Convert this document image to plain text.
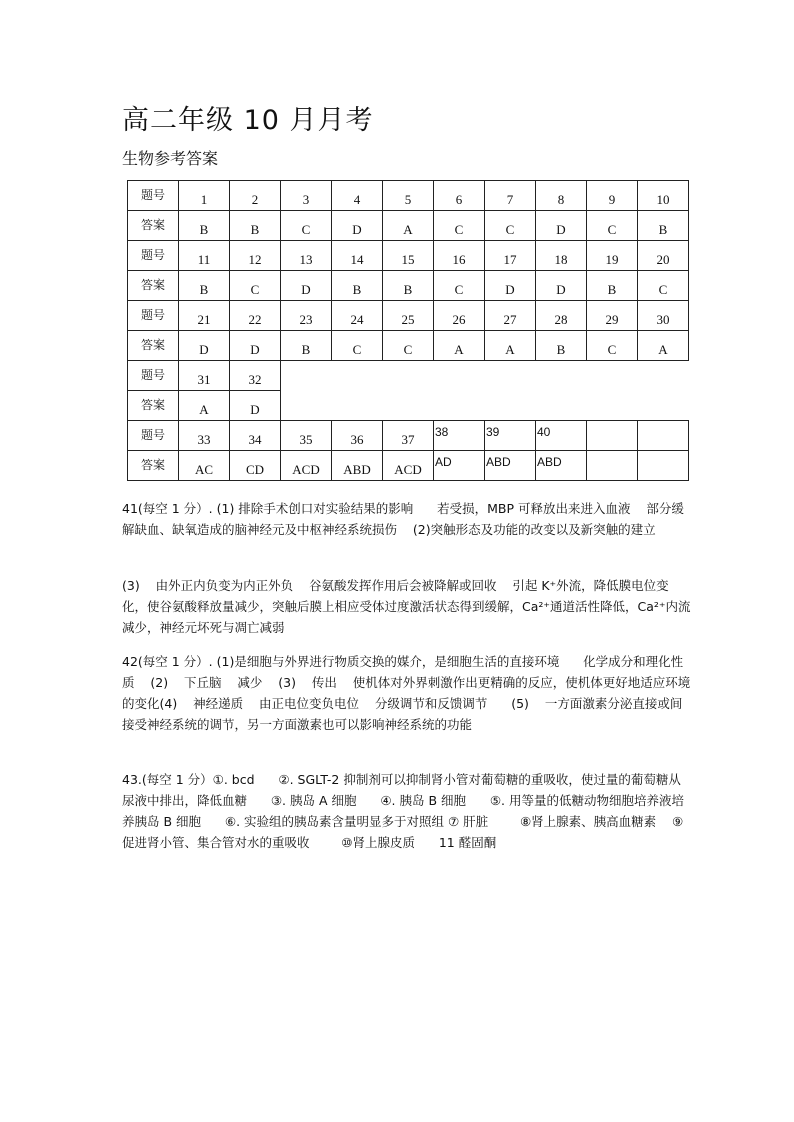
高二年级 10 月月考
生物参考答案
题号	1	2	3	4	5	6	7	8	9	10
答案	B	B	C	D	A	C	C	D	C	B
题号	11	12	13	14	15	16	17	18	19	20
答案	B	C	D	B	B	C	D	D	B	C
题号	21	22	23	24	25	26	27	28	29	30
答案	D	D	B	C	C	A	A	B	C	A
题号	31	32								
答案	A	D								
题号	33	34	35	36	37	38	39	40		
答案	AC	CD	ACD	ABD	ACD	AD	ABD	ABD		
41(每空 1 分）. (1) 排除手术创口对实验结果的影响      若受损，MBP 可释放出来进入血液    部分缓解缺血、缺氧造成的脑神经元及中枢神经系统损伤    (2)突触形态及功能的改变以及新突触的建立
(3)    由外正内负变为内正外负    谷氨酸发挥作用后会被降解或回收    引起 K⁺外流，降低膜电位变化，使谷氨酸释放量减少，突触后膜上相应受体过度激活状态得到缓解，Ca²⁺通道活性降低，Ca²⁺内流减少，神经元坏死与凋亡减弱
42(每空 1 分）. (1)是细胞与外界进行物质交换的媒介，是细胞生活的直接环境      化学成分和理化性质    (2)    下丘脑    减少    (3)    传出    使机体对外界刺激作出更精确的反应，使机体更好地适应环境的变化(4)    神经递质    由正电位变负电位    分级调节和反馈调节      (5)    一方面激素分泌直接或间接受神经系统的调节，另一方面激素也可以影响神经系统的功能
43.(每空 1 分）①. bcd      ②. SGLT-2 抑制剂可以抑制肾小管对葡萄糖的重吸收，使过量的葡萄糖从尿液中排出，降低血糖      ③. 胰岛 A 细胞      ④. 胰岛 B 细胞      ⑤. 用等量的低糖动物细胞培养液培养胰岛 B 细胞      ⑥. 实验组的胰岛素含量明显多于对照组 ⑦ 肝脏        ⑧肾上腺素、胰高血糖素    ⑨促进肾小管、集合管对水的重吸收        ⑩肾上腺皮质      11 醛固酮
